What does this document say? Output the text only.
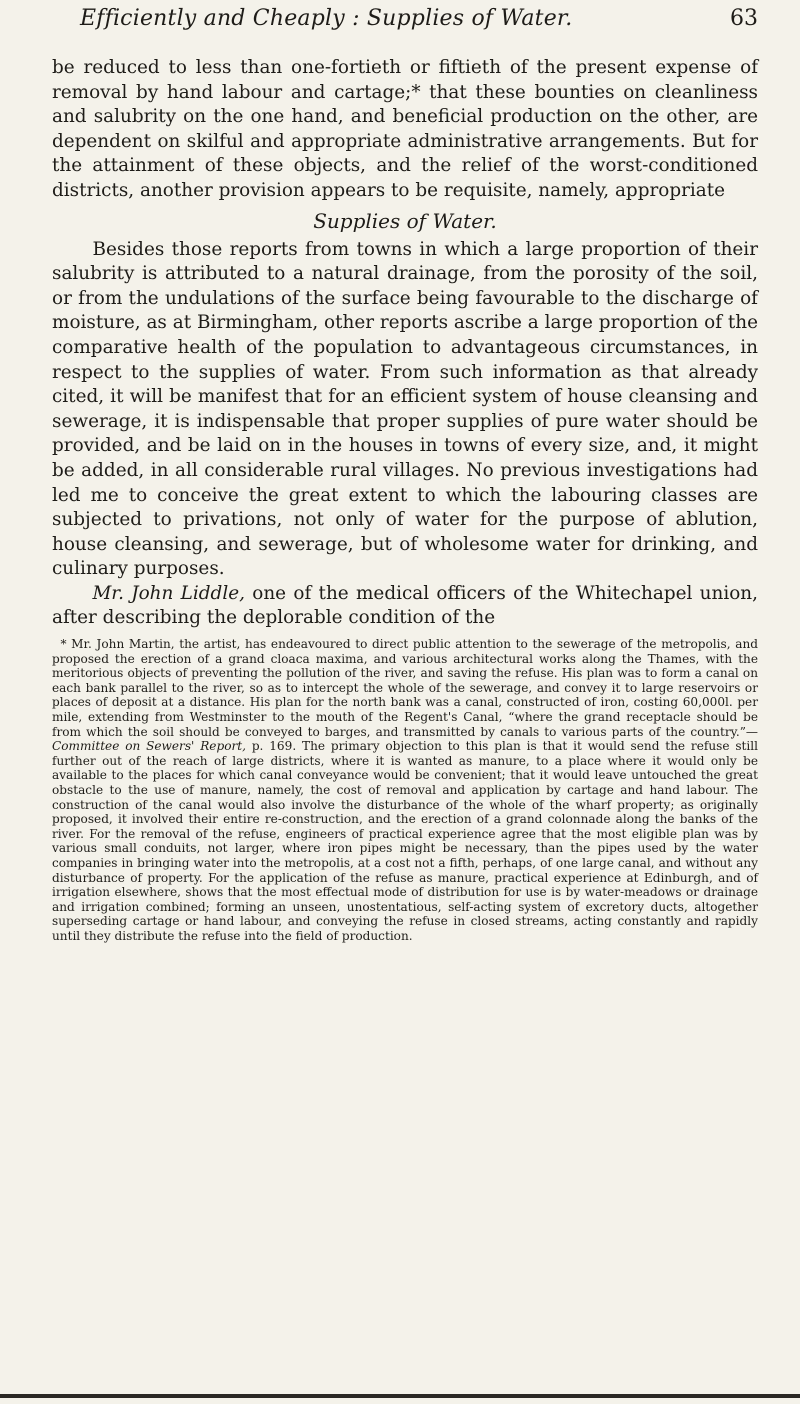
Efficiently and Cheaply : Supplies of Water.	63

be reduced to less than one-fortieth or fiftieth of the present expense of removal by hand labour and cartage;* that these bounties on cleanliness and salubrity on the one hand, and beneficial production on the other, are dependent on skilful and appropriate administrative arrangements. But for the attainment of these objects, and the relief of the worst-conditioned districts, another provision appears to be requisite, namely, appropriate

Supplies of Water.

Besides those reports from towns in which a large proportion of their salubrity is attributed to a natural drainage, from the porosity of the soil, or from the undulations of the surface being favourable to the discharge of moisture, as at Birmingham, other reports ascribe a large proportion of the comparative health of the population to advantageous circumstances, in respect to the supplies of water. From such information as that already cited, it will be manifest that for an efficient system of house cleansing and sewerage, it is indispensable that proper supplies of pure water should be provided, and be laid on in the houses in towns of every size, and, it might be added, in all considerable rural villages. No previous investigations had led me to conceive the great extent to which the labouring classes are subjected to privations, not only of water for the purpose of ablution, house cleansing, and sewerage, but of wholesome water for drinking, and culinary purposes.

Mr. John Liddle, one of the medical officers of the Whitechapel union, after describing the deplorable condition of the

* Mr. John Martin, the artist, has endeavoured to direct public attention to the sewerage of the metropolis, and proposed the erection of a grand cloaca maxima, and various architectural works along the Thames, with the meritorious objects of preventing the pollution of the river, and saving the refuse. His plan was to form a canal on each bank parallel to the river, so as to intercept the whole of the sewerage, and convey it to large reservoirs or places of deposit at a distance. His plan for the north bank was a canal, constructed of iron, costing 60,000l. per mile, extending from Westminster to the mouth of the Regent's Canal, “where the grand receptacle should be from which the soil should be conveyed to barges, and transmitted by canals to various parts of the country.”—Committee on Sewers' Report, p. 169. The primary objection to this plan is that it would send the refuse still further out of the reach of large districts, where it is wanted as manure, to a place where it would only be available to the places for which canal conveyance would be convenient; that it would leave untouched the great obstacle to the use of manure, namely, the cost of removal and application by cartage and hand labour. The construction of the canal would also involve the disturbance of the whole of the wharf property; as originally proposed, it involved their entire re-construction, and the erection of a grand colonnade along the banks of the river. For the removal of the refuse, engineers of practical experience agree that the most eligible plan was by various small conduits, not larger, where iron pipes might be necessary, than the pipes used by the water companies in bringing water into the metropolis, at a cost not a fifth, perhaps, of one large canal, and without any disturbance of property. For the application of the refuse as manure, practical experience at Edinburgh, and of irrigation elsewhere, shows that the most effectual mode of distribution for use is by water-meadows or drainage and irrigation combined; forming an unseen, unostentatious, self-acting system of excretory ducts, altogether superseding cartage or hand labour, and conveying the refuse in closed streams, acting constantly and rapidly until they distribute the refuse into the field of production.
